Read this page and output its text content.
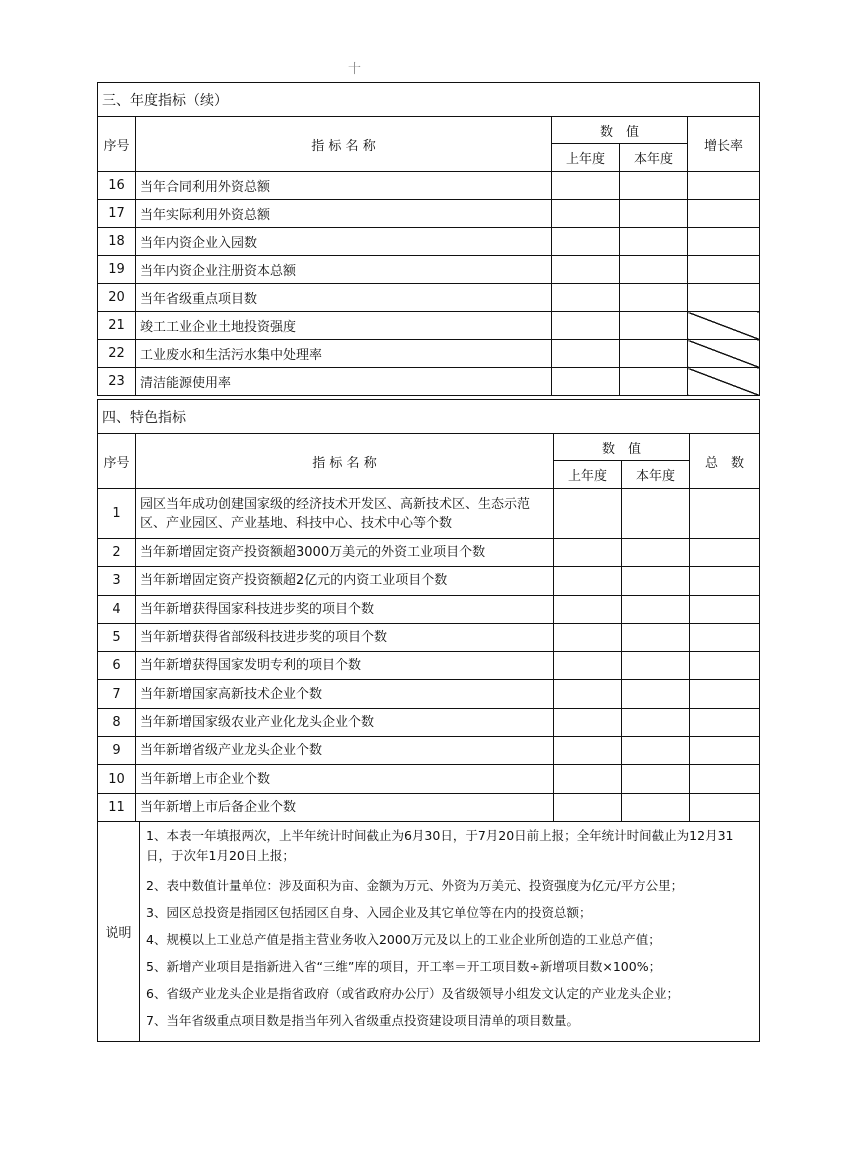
十
三、年度指标（续）				
序号	指 标 名 称	数　值		增长率
		上年度	本年度	
16	当年合同利用外资总额			
17	当年实际利用外资总额			
18	当年内资企业入园数			
19	当年内资企业注册资本总额			
20	当年省级重点项目数			
21	竣工工业企业土地投资强度			
22	工业废水和生活污水集中处理率			
23	清洁能源使用率			
四、特色指标				
序号	指 标 名 称	数　值		总　数
		上年度	本年度	
1	园区当年成功创建国家级的经济技术开发区、高新技术区、生态示范区、产业园区、产业基地、科技中心、技术中心等个数			
2	当年新增固定资产投资额超3000万美元的外资工业项目个数			
3	当年新增固定资产投资额超2亿元的内资工业项目个数			
4	当年新增获得国家科技进步奖的项目个数			
5	当年新增获得省部级科技进步奖的项目个数			
6	当年新增获得国家发明专利的项目个数			
7	当年新增国家高新技术企业个数			
8	当年新增国家级农业产业化龙头企业个数			
9	当年新增省级产业龙头企业个数			
10	当年新增上市企业个数			
11	当年新增上市后备企业个数			
说明	
1、本表一年填报两次，上半年统计时间截止为6月30日，于7月20日前上报；全年统计时间截止为12月31日，于次年1月20日上报；
2、表中数值计量单位：涉及面积为亩、金额为万元、外资为万美元、投资强度为亿元/平方公里；
3、园区总投资是指园区包括园区自身、入园企业及其它单位等在内的投资总额；
4、规模以上工业总产值是指主营业务收入2000万元及以上的工业企业所创造的工业总产值；
5、新增产业项目是指新进入省“三维”库的项目，开工率＝开工项目数÷新增项目数×100%；
6、省级产业龙头企业是指省政府（或省政府办公厅）及省级领导小组发文认定的产业龙头企业；
7、当年省级重点项目数是指当年列入省级重点投资建设项目清单的项目数量。
